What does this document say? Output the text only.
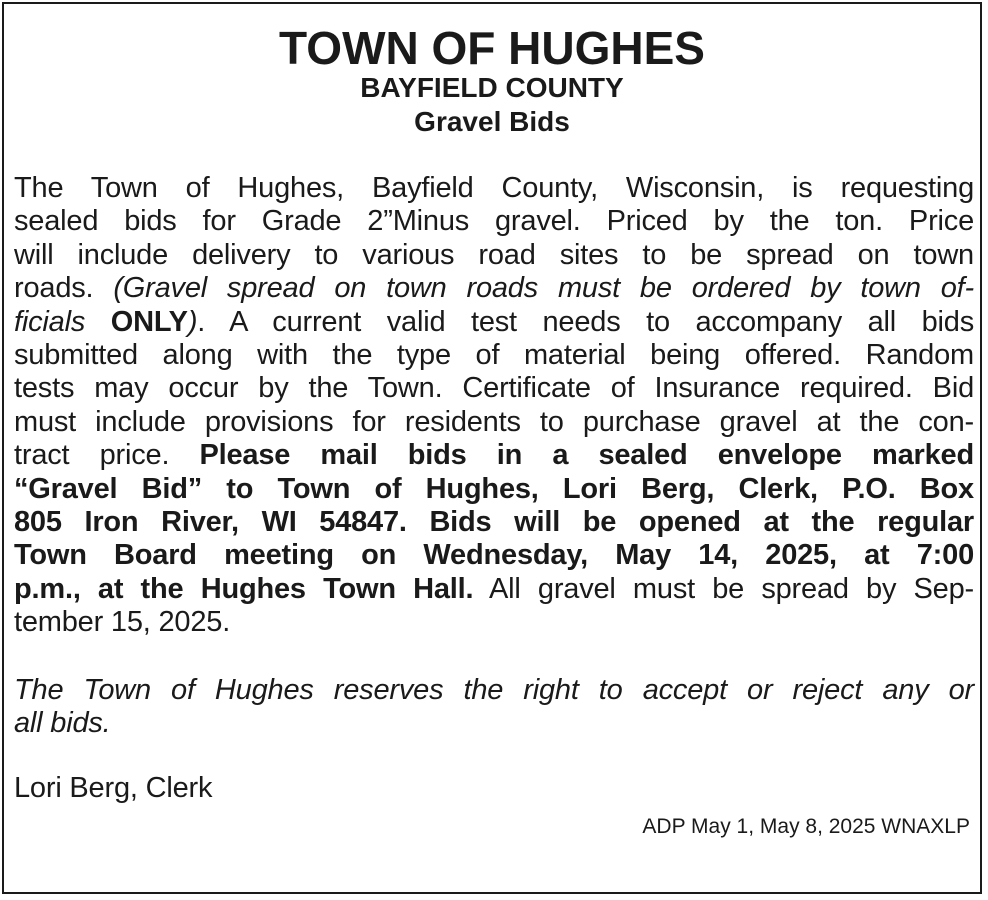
TOWN OF HUGHES
BAYFIELD COUNTY
Gravel Bids
The Town of Hughes, Bayfield County, Wisconsin, is requesting
sealed bids for Grade 2”Minus gravel. Priced by the ton. Price
will include delivery to various road sites to be spread on town
roads. (Gravel spread on town roads must be ordered by town of-
ficials ONLY). A current valid test needs to accompany all bids
submitted along with the type of material being offered. Random
tests may occur by the Town. Certificate of Insurance required. Bid
must include provisions for residents to purchase gravel at the con-
tract price. Please mail bids in a sealed envelope marked
“Gravel Bid” to Town of Hughes, Lori Berg, Clerk, P.O. Box
805 Iron River, WI 54847. Bids will be opened at the regular
Town Board meeting on Wednesday, May 14, 2025, at 7:00
p.m., at the Hughes Town Hall. All gravel must be spread by Sep-
tember 15, 2025.
The Town of Hughes reserves the right to accept or reject any or
all bids.
Lori Berg, Clerk
ADP May 1, May 8, 2025 WNAXLP
